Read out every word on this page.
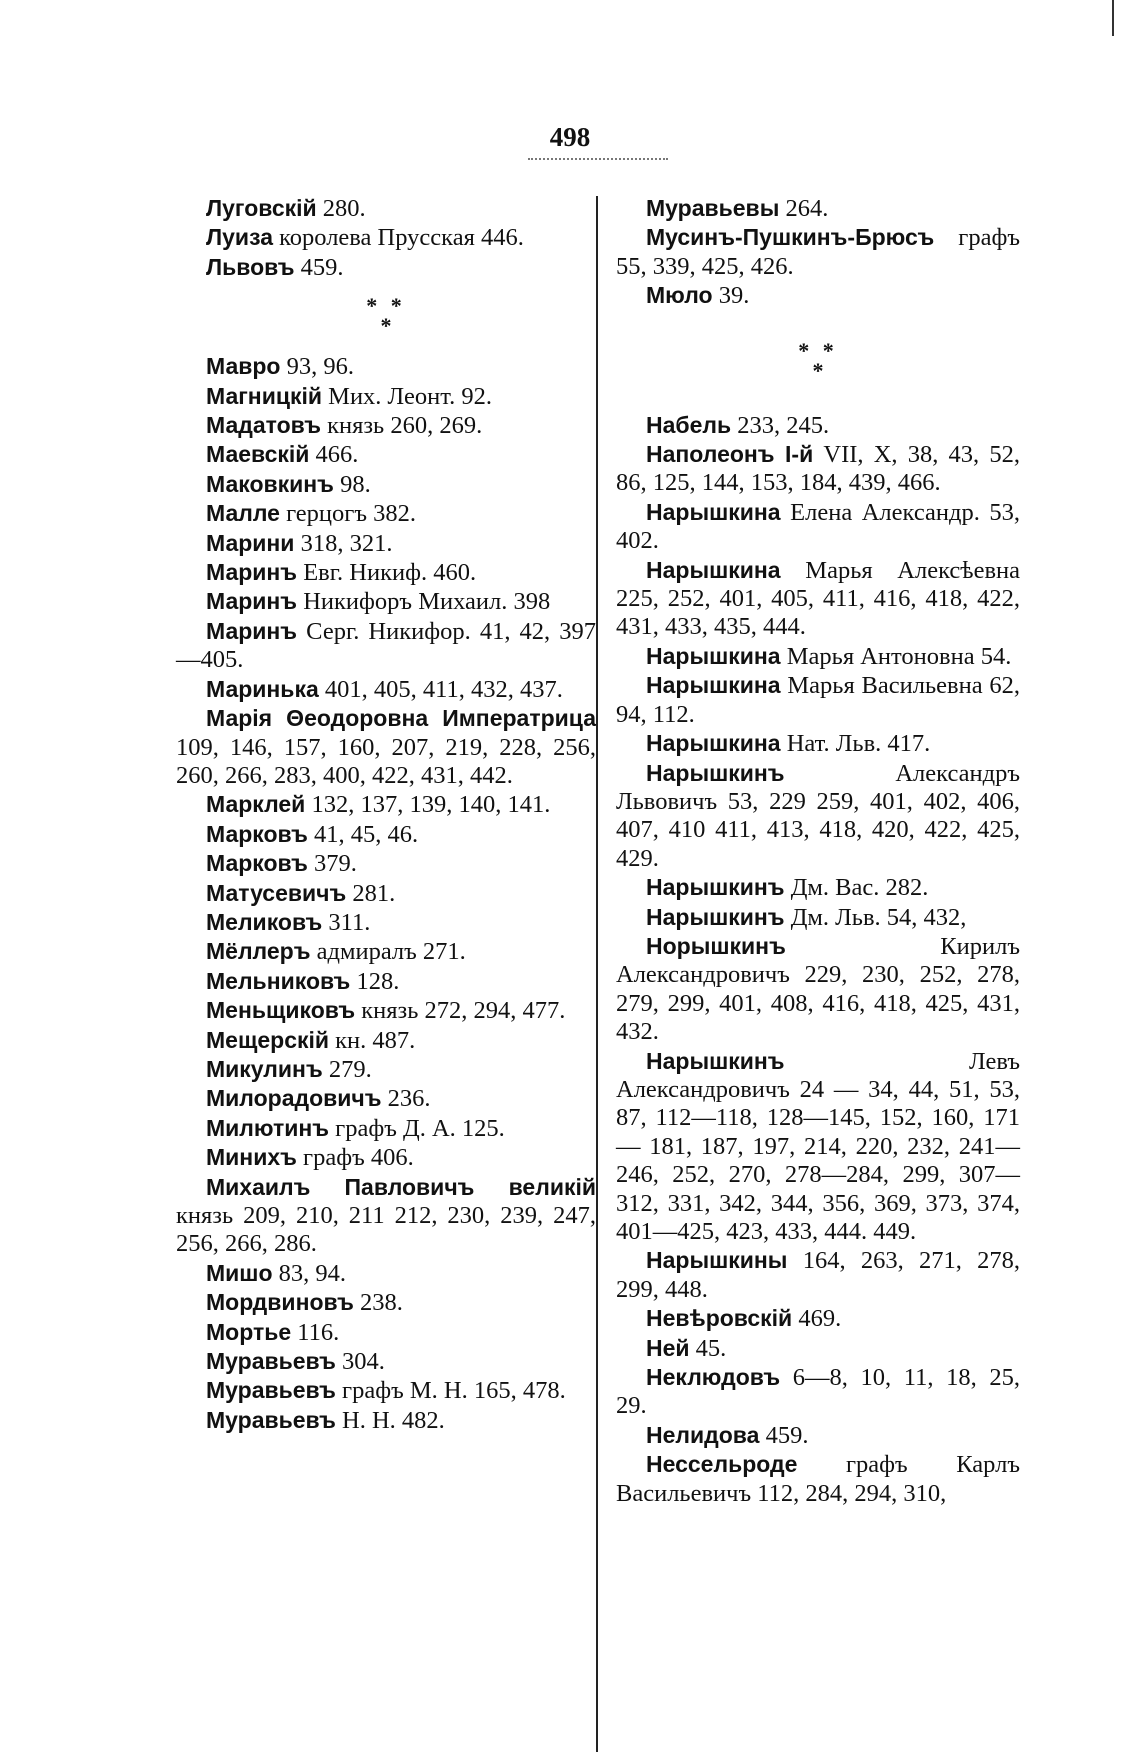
498

Луговскій 280.

Луиза королева Прусская 446.

Львовъ 459.

* *
*

Мавро 93, 96.

Магницкій Мих. Леонт. 92.

Мадатовъ князь 260, 269.

Маевскій 466.

Маковкинъ 98.

Малле герцогъ 382.

Марини 318, 321.

Маринъ Евг. Никиф. 460.

Маринъ Никифоръ Михаил. 398

Маринъ Серг. Никифор. 41, 42, 397—405.

Маринька 401, 405, 411, 432, 437.

Марія Θеодоровна Императрица 109, 146, 157, 160, 207, 219, 228, 256, 260, 266, 283, 400, 422, 431, 442.

Марклей 132, 137, 139, 140, 141.

Марковъ 41, 45, 46.

Марковъ 379.

Матусевичъ 281.

Меликовъ 311.

Мёллеръ адмиралъ 271.

Мельниковъ 128.

Меньщиковъ князь 272, 294, 477.

Мещерскій кн. 487.

Микулинъ 279.

Милорадовичъ 236.

Милютинъ графъ Д. А. 125.

Минихъ графъ 406.

Михаилъ Павловичъ великій князь 209, 210, 211 212, 230, 239, 247, 256, 266, 286.

Мишо 83, 94.

Мордвиновъ 238.

Мортье 116.

Муравьевъ 304.

Муравьевъ графъ М. Н. 165, 478.

Муравьевъ Н. Н. 482.

Муравьевы 264.

Мусинъ-Пушкинъ-Брюсъ графъ 55, 339, 425, 426.

Мюло 39.

* *
*

Набель 233, 245.

Наполеонъ I-й VII, X, 38, 43, 52, 86, 125, 144, 153, 184, 439, 466.

Нарышкина Елена Александр. 53, 402.

Нарышкина Марья Алексѣевна 225, 252, 401, 405, 411, 416, 418, 422, 431, 433, 435, 444.

Нарышкина Марья Антоновна 54.

Нарышкина Марья Васильевна 62, 94, 112.

Нарышкина Нат. Льв. 417.

Нарышкинъ Александръ Львовичъ 53, 229 259, 401, 402, 406, 407, 410 411, 413, 418, 420, 422, 425, 429.

Нарышкинъ Дм. Вас. 282.

Нарышкинъ Дм. Льв. 54, 432,

Норышкинъ Кирилъ Александровичъ 229, 230, 252, 278, 279, 299, 401, 408, 416, 418, 425, 431, 432.

Нарышкинъ Левъ Александровичъ 24 — 34, 44, 51, 53, 87, 112—118, 128—145, 152, 160, 171 — 181, 187, 197, 214, 220, 232, 241—246, 252, 270, 278—284, 299, 307—312, 331, 342, 344, 356, 369, 373, 374, 401—425, 423, 433, 444. 449.

Нарышкины 164, 263, 271, 278, 299, 448.

Невѣровскій 469.

Ней 45.

Неклюдовъ 6—8, 10, 11, 18, 25, 29.

Нелидова 459.

Нессельроде графъ Карлъ Васильевичъ 112, 284, 294, 310,
